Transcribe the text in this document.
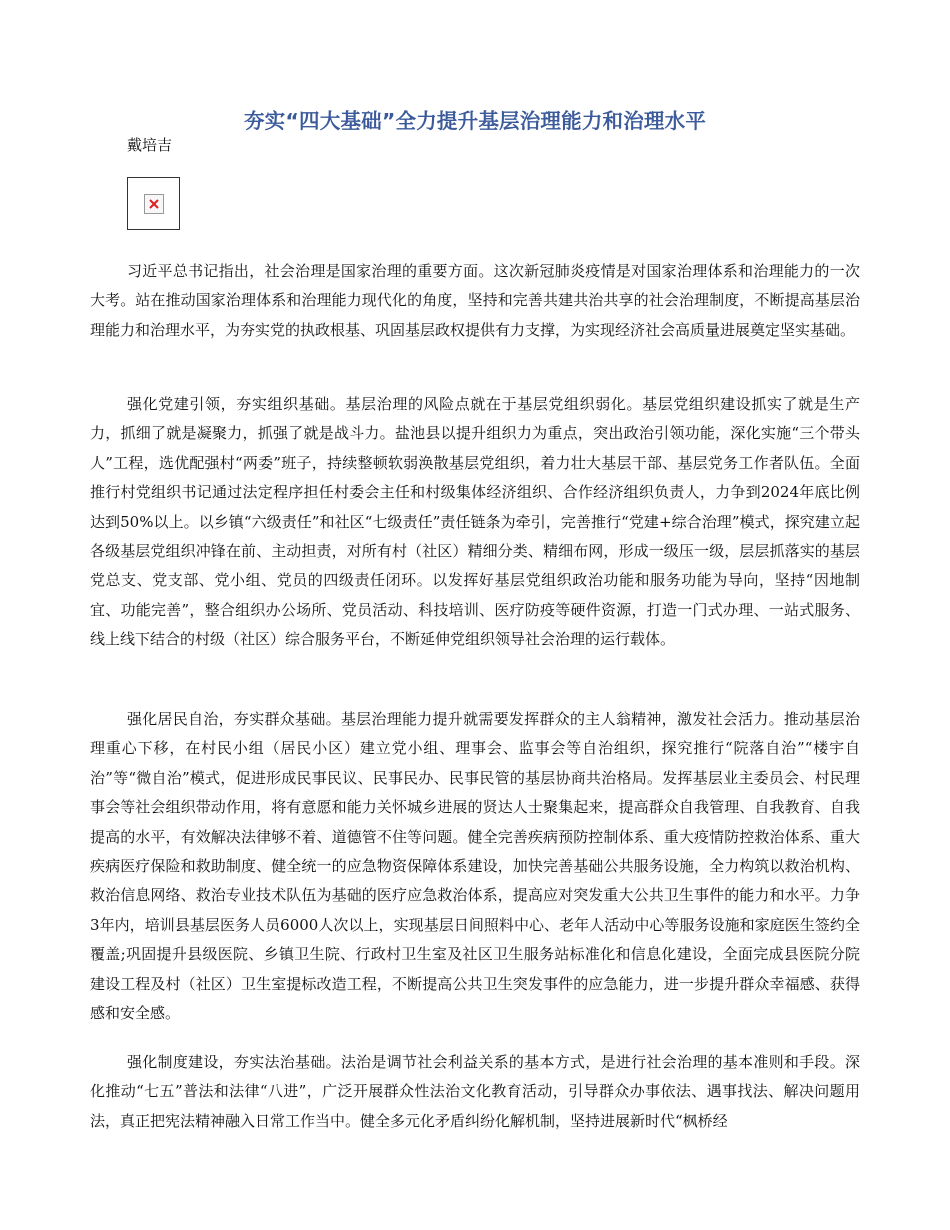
夯实“四大基础”全力提升基层治理能力和治理水平
戴培吉

习近平总书记指出，社会治理是国家治理的重要方面。这次新冠肺炎疫情是对国家治理体系和治理能力的一次大考。站在推动国家治理体系和治理能力现代化的角度，坚持和完善共建共治共享的社会治理制度，不断提高基层治理能力和治理水平，为夯实党的执政根基、巩固基层政权提供有力支撑，为实现经济社会高质量进展奠定坚实基础。

强化党建引领，夯实组织基础。基层治理的风险点就在于基层党组织弱化。基层党组织建设抓实了就是生产力，抓细了就是凝聚力，抓强了就是战斗力。盐池县以提升组织力为重点，突出政治引领功能，深化实施“三个带头人”工程，选优配强村“两委”班子，持续整顿软弱涣散基层党组织，着力壮大基层干部、基层党务工作者队伍。全面推行村党组织书记通过法定程序担任村委会主任和村级集体经济组织、合作经济组织负责人，力争到2024年底比例达到50%以上。以乡镇“六级责任”和社区“七级责任”责任链条为牵引，完善推行“党建+综合治理”模式，探究建立起各级基层党组织冲锋在前、主动担责，对所有村（社区）精细分类、精细布网，形成一级压一级，层层抓落实的基层党总支、党支部、党小组、党员的四级责任闭环。以发挥好基层党组织政治功能和服务功能为导向，坚持“因地制宜、功能完善”，整合组织办公场所、党员活动、科技培训、医疗防疫等硬件资源，打造一门式办理、一站式服务、线上线下结合的村级（社区）综合服务平台，不断延伸党组织领导社会治理的运行载体。

强化居民自治，夯实群众基础。基层治理能力提升就需要发挥群众的主人翁精神，激发社会活力。推动基层治理重心下移，在村民小组（居民小区）建立党小组、理事会、监事会等自治组织，探究推行“院落自治”“楼宇自治”等“微自治”模式，促进形成民事民议、民事民办、民事民管的基层协商共治格局。发挥基层业主委员会、村民理事会等社会组织带动作用，将有意愿和能力关怀城乡进展的贤达人士聚集起来，提高群众自我管理、自我教育、自我提高的水平，有效解决法律够不着、道德管不住等问题。健全完善疾病预防控制体系、重大疫情防控救治体系、重大疾病医疗保险和救助制度、健全统一的应急物资保障体系建设，加快完善基础公共服务设施，全力构筑以救治机构、救治信息网络、救治专业技术队伍为基础的医疗应急救治体系，提高应对突发重大公共卫生事件的能力和水平。力争3年内，培训县基层医务人员6000人次以上，实现基层日间照料中心、老年人活动中心等服务设施和家庭医生签约全覆盖;巩固提升县级医院、乡镇卫生院、行政村卫生室及社区卫生服务站标准化和信息化建设，全面完成县医院分院建设工程及村（社区）卫生室提标改造工程，不断提高公共卫生突发事件的应急能力，进一步提升群众幸福感、获得感和安全感。

强化制度建设，夯实法治基础。法治是调节社会利益关系的基本方式，是进行社会治理的基本准则和手段。深化推动“七五”普法和法律“八进”，广泛开展群众性法治文化教育活动，引导群众办事依法、遇事找法、解决问题用法，真正把宪法精神融入日常工作当中。健全多元化矛盾纠纷化解机制，坚持进展新时代“枫桥经
